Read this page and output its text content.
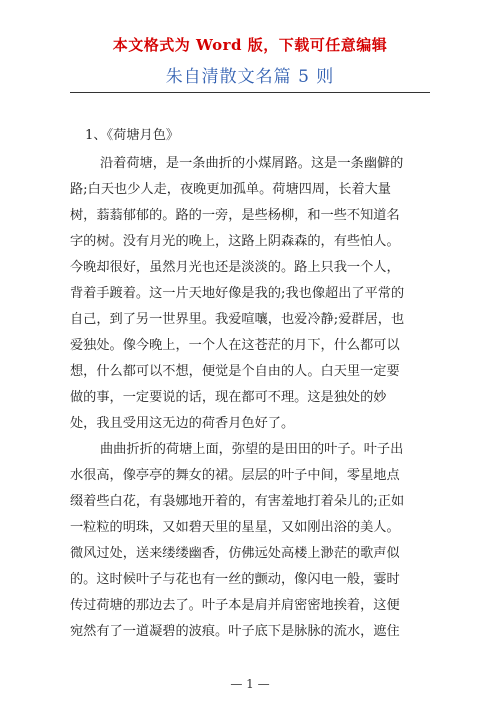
本文格式为 Word 版，下载可任意编辑
朱自清散文名篇 5 则
1、《荷塘月色》
沿着荷塘，是一条曲折的小煤屑路。这是一条幽僻的
路;白天也少人走，夜晚更加孤单。荷塘四周，长着大量
树，蓊蓊郁郁的。路的一旁，是些杨柳，和一些不知道名
字的树。没有月光的晚上，这路上阴森森的，有些怕人。
今晚却很好，虽然月光也还是淡淡的。路上只我一个人，
背着手踱着。这一片天地好像是我的;我也像超出了平常的
自己，到了另一世界里。我爱喧嚷，也爱冷静;爱群居，也
爱独处。像今晚上，一个人在这苍茫的月下，什么都可以
想，什么都可以不想，便觉是个自由的人。白天里一定要
做的事，一定要说的话，现在都可不理。这是独处的妙
处，我且受用这无边的荷香月色好了。
曲曲折折的荷塘上面，弥望的是田田的叶子。叶子出
水很高，像亭亭的舞女的裙。层层的叶子中间，零星地点
缀着些白花，有袅娜地开着的，有害羞地打着朵儿的;正如
一粒粒的明珠，又如碧天里的星星，又如刚出浴的美人。
微风过处，送来缕缕幽香，仿佛远处高楼上渺茫的歌声似
的。这时候叶子与花也有一丝的颤动，像闪电一般，霎时
传过荷塘的那边去了。叶子本是肩并肩密密地挨着，这便
宛然有了一道凝碧的波痕。叶子底下是脉脉的流水，遮住
— 1 —
